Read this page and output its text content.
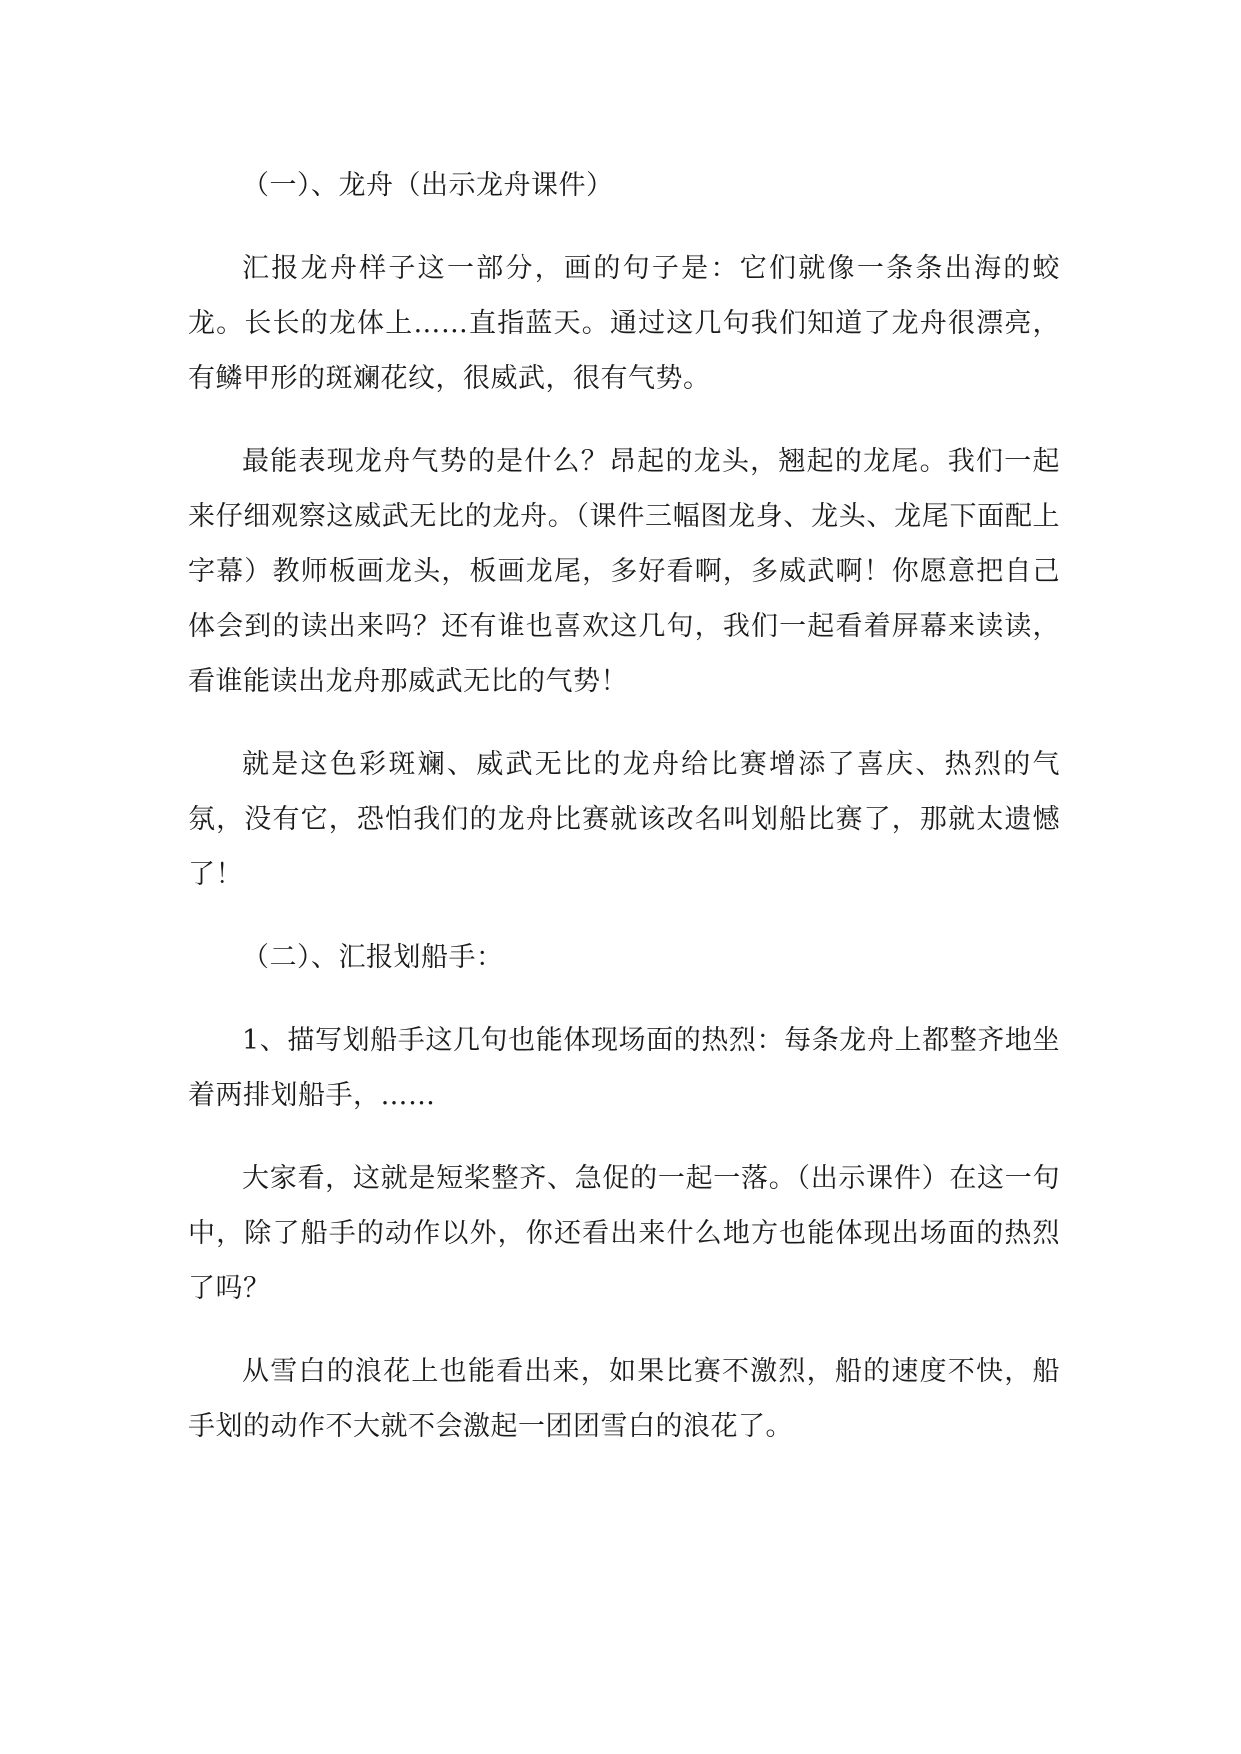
（一）、龙舟（出示龙舟课件）

汇报龙舟样子这一部分，画的句子是：它们就像一条条出海的蛟龙。长长的龙体上……直指蓝天。通过这几句我们知道了龙舟很漂亮，有鳞甲形的斑斓花纹，很威武，很有气势。

最能表现龙舟气势的是什么？昂起的龙头，翘起的龙尾。我们一起来仔细观察这威武无比的龙舟。（课件三幅图龙身、龙头、龙尾下面配上字幕）教师板画龙头，板画龙尾，多好看啊，多威武啊！你愿意把自己体会到的读出来吗？还有谁也喜欢这几句，我们一起看着屏幕来读读，看谁能读出龙舟那威武无比的气势！

就是这色彩斑斓、威武无比的龙舟给比赛增添了喜庆、热烈的气氛，没有它，恐怕我们的龙舟比赛就该改名叫划船比赛了，那就太遗憾了！

（二）、汇报划船手：

1、描写划船手这几句也能体现场面的热烈：每条龙舟上都整齐地坐着两排划船手，……

大家看，这就是短桨整齐、急促的一起一落。（出示课件）在这一句中，除了船手的动作以外，你还看出来什么地方也能体现出场面的热烈了吗？

从雪白的浪花上也能看出来，如果比赛不激烈，船的速度不快，船手划的动作不大就不会激起一团团雪白的浪花了。
